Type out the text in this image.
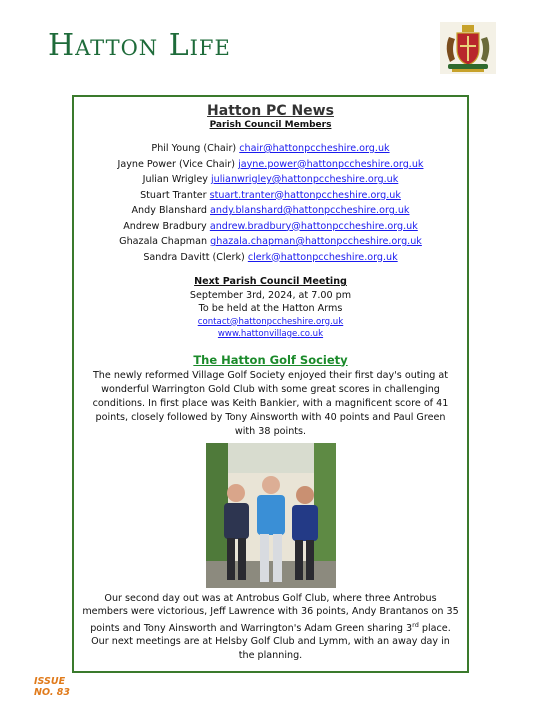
Hatton Life
Hatton PC News
Parish Council Members
Phil Young (Chair) chair@hattonpccheshire.org.uk
Jayne Power (Vice Chair) jayne.power@hattonpccheshire.org.uk
Julian Wrigley julianwrigley@hattonpccheshire.org.uk
Stuart Tranter stuart.tranter@hattonpccheshire.org.uk
Andy Blanshard andy.blanshard@hattonpccheshire.org.uk
Andrew Bradbury andrew.bradbury@hattonpccheshire.org.uk
Ghazala Chapman ghazala.chapman@hattonpccheshire.org.uk
Sandra Davitt (Clerk) clerk@hattonpccheshire.org.uk
Next Parish Council Meeting
September 3rd, 2024, at 7.00 pm
To be held at the Hatton Arms
contact@hattonpccheshire.org.uk
www.hattonvillage.co.uk
The Hatton Golf Society
The newly reformed Village Golf Society enjoyed their first day's outing at wonderful Warrington Gold Club with some great scores in challenging conditions. In first place was Keith Bankier, with a magnificent score of 41 points, closely followed by Tony Ainsworth with 40 points and Paul Green with 38 points.
Our second day out was at Antrobus Golf Club, where three Antrobus members were victorious, Jeff Lawrence with 36 points, Andy Brantanos on 35 points and Tony Ainsworth and Warrington's Adam Green sharing 3rd place.
Our next meetings are at Helsby Golf Club and Lymm, with an away day in the planning.
ISSUE
NO. 83
